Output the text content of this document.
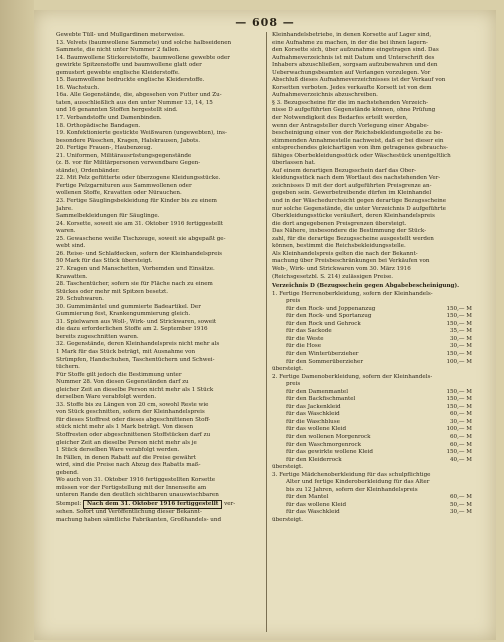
— 608 —
Gewebte Tüll- und Mullgardinen meterweise.
13. Velvets (baumwollene Sammete) und solche halbseidenen
Sammete, die nicht unter Nummer 2 fallen.
14. Baumwollene Stickereistoffe, baumwollene gewebte oder
gewirkte Spitzenstoffe und baumwollene glatt oder
gemustert gewebte englische Kleiderstoffe.
15. Baumwollene bedruckte englische Kleiderstoffe.
16. Wachstuch.
16a. Alle Gegenstände, die, abgesehen von Futter und Zu-
taten, ausschließlich aus den unter Nummer 13, 14, 15
und 16 genannten Stoffen hergestellt sind.
17. Verbandstoffe und Damenbinden.
18. Orthopädische Bandagen.
19. Konfektionierte gestickte Weißwaren (ungewebten), ins-
besondere Pässchen, Kragen, Halskrausen, Jabots.
20. Fertige Frauen-, Haubenzeug.
21. Uniformen, Militärausrüstungsgegenstände
(z. B. vor für Militärpersonen verwendbare Gegen-
stände), Ordenbänder.
22. Mit Pelz gefütterte oder überzogene Kleidungsstücke.
Fertige Pelzgarnituren aus Sammwollenen oder
wollenen Stoffe, Kravatten oder Nürauchen.
23. Fertige Säuglingsbekleidung für Kinder bis zu einem
Jahre.
Sammelbekleidungen für Säuglinge.
24. Korsette, soweit sie am 31. Oktober 1916 fertiggestellt
waren.
25. Gewaschene weiße Tischzeuge, soweit sie abgepaßt ge-
webt sind.
26. Reise- und Schlafdecken, sofern der Kleinhandelspreis
50 Mark für das Stück übersteigt.
27. Kragen und Manschetten, Vorhemden und Einsätze.
Krawatten.
28. Taschentücher, sofern sie für Fläche nach zu einem
Stückes oder mehr mit Spitzen besetzt.
29. Schuhwaren.
30. Gummimäntel und gummierte Badeartikel. Der
Gummierung fest, Krankengummierung gleich.
31. Spielwaren aus Woll-, Wirk- und Strickwaren, soweit
die dazu erforderlichen Stoffe am 2. September 1916
bereits zugeschnitten waren.
32. Gegenstände, deren Kleinhandelspreis nicht mehr als
1 Mark für das Stück beträgt, mit Ausnahme von
Strümpfen, Handschuhen, Taschentüchern und Schwei-
tüchern.
Für Stoffe gilt jedoch die Bestimmung unter
Nummer 28. Von diesen Gegenständen darf zu
gleicher Zeit an dieselbe Person nicht mehr als 1 Stück
derselben Ware verabfolgt werden.
33. Stoffe bis zu Längen von 20 cm, sowohl Reste wie
von Stück geschnitten, sofern der Kleinhandelspreis
für dieses Stoffrest oder dieses abgeschnittenen Stoff-
stück nicht mehr als 1 Mark beträgt. Von diesen
Stoffresten oder abgeschnittenen Stoffstücken darf zu
gleicher Zeit an dieselbe Person nicht mehr als je
1 Stück derselben Ware verabfolgt werden.
In Fällen, in denen Rabatt auf die Preise gewährt
wird, sind die Preise nach Abzug des Rabatts maß-
gebend.
Wo auch von 31. Oktober 1916 fertiggestellten Korsette
müssen vor der Fertigstellung mit der Innenseite am
unteren Rande den deutlich sichtbaren unauswischbaren
Stempel: Nach dem 31. Oktober 1916 fertiggestellt ver-
sehen. Sofort und Veröffentlichung dieser Bekannt-
machung haben sämtliche Fabrikanten, Großhandels- und
Kleinhandelsbetriebe, in denen Korsette auf Lager sind,
eine Aufnahme zu machen, in der die bei ihnen lagern-
den Korsette sich, über aufzunahme eingetragen sind. Das
Aufnahmeverzeichnis ist mit Datum und Unterschrift des
Inhabers abzuschließen, sorgsam aufzubewahren und den
Ueberwachungsbeamten auf Verlangen vorzulegen. Vor
Abschluß dieses Aufnahmeverzeichnisses ist der Verkauf von
Korsetten verboten. Jedes verkaufte Korsett ist von dem
Aufnahmeverzeichnis abzuschreiben.
§ 3. Bezugsscheine für die im nachstehenden Verzeich-
nisse D aufgeführten Gegenstände können, ohne Prüfung
der Notwendigkeit des Bedarfes erteilt werden,
wenn der Antragsteller durch Vorlegung einer Abgabe-
bescheinigung einer von der Reichsbekleidungsstelle zu be-
stimmenden Annahmestelle nachweist, daß er bei dieser ein
entsprechendes gleichartigen von ihm getragenes gebrauchs-
fähiges Oberbekleidungsstück oder Wäschestück unentgeltlich
überlassen hat.
Auf einem derartigen Bezugsschein darf das Ober-
kleidungsstück nach dem Wortlaut des nachstehenden Ver-
zeichnisses D mit der dort aufgeführten Preisgrenze an-
gegeben sein. Gewerbetreibende dürfen im Kleinhandel
und in der Wäschedurchsicht gegen derartige Bezugsscheine
nur solche Gegenstände, die unter Verzeichnis D aufgeführte
Oberkleidungsstücke veräußert, deren Kleinhandelspreis
die dort angegebenen Preisgrenzen übersteigt.
Das Nähere, insbesondere die Bestimmung der Stück-
zahl, für die derartige Bezugsscheine ausgestellt werden
können, bestimmt die Reichsbekleidungsstelle.
Als Kleinhandelspreis gelten die nach der Bekannt-
machung über Preisbeschränkungen bei Verkäufen von
Web-, Wirk- und Strickwaren vom 30. März 1916
(Reichsgesetzbl. S. 214) zulässigen Preise.
Verzeichnis D (Bezugsschein gegen Abgabebescheinigung).
1. Fertige Herrenoberkleidung, sofern der Kleinhandels-
preis
für den Rock- und Joppenanzug	150,— M
für den Rock- und Sportanzug	150,— M
für den Rock und Gehrock	150,— M
für das Sackode	35,— M
für die Weste	30,— M
für die Hose	30,— M
für den Winterüberzieher	150,— M
für den Sommerüberzieher	100,— M
übersteigt.
2. Fertige Damenoberkleidung, sofern der Kleinhandels-
preis
für den Damenmantel	150,— M
für den Backfischmantel	150,— M
für das Jackenkleid	150,— M
für das Waschkleid	60,— M
für die Waschbluse	30,— M
für das wollene Kleid	100,— M
für den wollenen Morgenrock	60,— M
für den Waschmorgenrock	60,— M
für das gewirkte wollene Kleid	150,— M
für den Kleiderrock	40,— M
übersteigt.
3. Fertige Mädchenoberkleidung für das schulpflichtige
Alter und fertige Kinderoberkleidung für das Alter
bis zu 12 Jahren, sofern der Kleinhandelspreis
für den Mantel	60,— M
für das wollene Kleid	50,— M
für das Waschkleid	30,— M
übersteigt.
